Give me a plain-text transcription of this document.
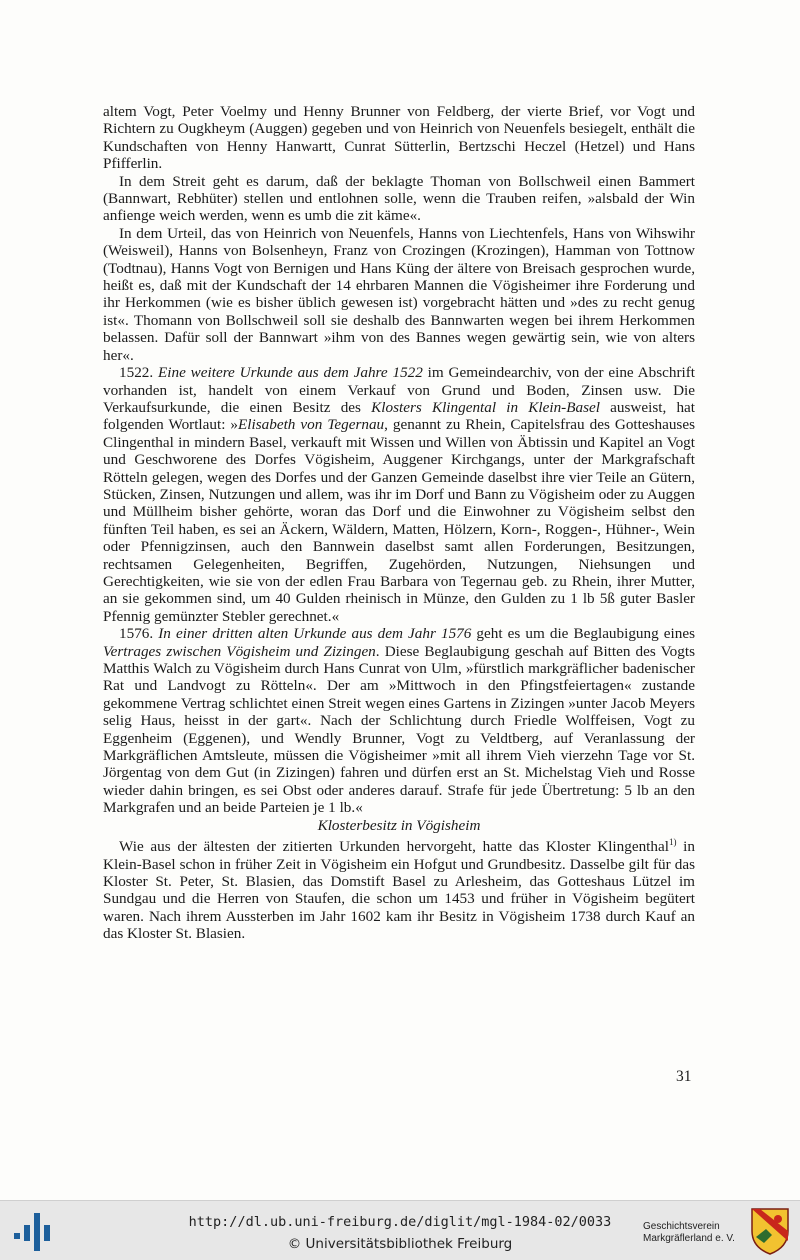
altem Vogt, Peter Voelmy und Henny Brunner von Feldberg, der vierte Brief, vor Vogt und Richtern zu Ougkheym (Auggen) gegeben und von Heinrich von Neuenfels besiegelt, enthält die Kundschaften von Henny Hanwartt, Cunrat Sütterlin, Bertzschi Heczel (Hetzel) und Hans Pfifferlin.

In dem Streit geht es darum, daß der beklagte Thoman von Bollschweil einen Bammert (Bannwart, Rebhüter) stellen und entlohnen solle, wenn die Trauben reifen, »alsbald der Win anfienge weich werden, wenn es umb die zit käme«.

In dem Urteil, das von Heinrich von Neuenfels, Hanns von Liechtenfels, Hans von Wihswihr (Weisweil), Hanns von Bolsenheyn, Franz von Crozingen (Krozingen), Hamman von Tottnow (Todtnau), Hanns Vogt von Bernigen und Hans Küng der ältere von Breisach gesprochen wurde, heißt es, daß mit der Kundschaft der 14 ehrbaren Mannen die Vögisheimer ihre Forderung und ihr Herkommen (wie es bisher üblich gewesen ist) vorgebracht hätten und »des zu recht genug ist«. Thomann von Bollschweil soll sie deshalb des Bannwarten wegen bei ihrem Herkommen belassen. Dafür soll der Bannwart »ihm von des Bannes wegen gewärtig sein, wie von alters her«.

1522. Eine weitere Urkunde aus dem Jahre 1522 im Gemeindearchiv, von der eine Abschrift vorhanden ist, handelt von einem Verkauf von Grund und Boden, Zinsen usw. Die Verkaufsurkunde, die einen Besitz des Klosters Klingental in Klein-Basel ausweist, hat folgenden Wortlaut: »Elisabeth von Tegernau, genannt zu Rhein, Capitelsfrau des Gotteshauses Clingenthal in mindern Basel, verkauft mit Wissen und Willen von Äbtissin und Kapitel an Vogt und Geschworene des Dorfes Vögisheim, Auggener Kirchgangs, unter der Markgrafschaft Rötteln gelegen, wegen des Dorfes und der Ganzen Gemeinde daselbst ihre vier Teile an Gütern, Stücken, Zinsen, Nutzungen und allem, was ihr im Dorf und Bann zu Vögisheim oder zu Auggen und Müllheim bisher gehörte, woran das Dorf und die Einwohner zu Vögisheim selbst den fünften Teil haben, es sei an Äckern, Wäldern, Matten, Hölzern, Korn-, Roggen-, Hühner-, Wein oder Pfennigzinsen, auch den Bannwein daselbst samt allen Forderungen, Besitzungen, rechtsamen Gelegenheiten, Begriffen, Zugehörden, Nutzungen, Niehsungen und Gerechtigkeiten, wie sie von der edlen Frau Barbara von Tegernau geb. zu Rhein, ihrer Mutter, an sie gekommen sind, um 40 Gulden rheinisch in Münze, den Gulden zu 1 lb 5ß guter Basler Pfennig gemünzter Stebler gerechnet.«

1576. In einer dritten alten Urkunde aus dem Jahr 1576 geht es um die Beglaubigung eines Vertrages zwischen Vögisheim und Zizingen. Diese Beglaubigung geschah auf Bitten des Vogts Matthis Walch zu Vögisheim durch Hans Cunrat von Ulm, »fürstlich markgräflicher badenischer Rat und Landvogt zu Rötteln«. Der am »Mittwoch in den Pfingstfeiertagen« zustande gekommene Vertrag schlichtet einen Streit wegen eines Gartens in Zizingen »unter Jacob Meyers selig Haus, heisst in der gart«. Nach der Schlichtung durch Friedle Wolffeisen, Vogt zu Eggenheim (Eggenen), und Wendly Brunner, Vogt zu Veldtberg, auf Veranlassung der Markgräflichen Amtsleute, müssen die Vögisheimer »mit all ihrem Vieh vierzehn Tage vor St. Jörgentag von dem Gut (in Zizingen) fahren und dürfen erst an St. Michelstag Vieh und Rosse wieder dahin bringen, es sei Obst oder anderes darauf. Strafe für jede Übertretung: 5 lb an den Markgrafen und an beide Parteien je 1 lb.«

Klosterbesitz in Vögisheim

Wie aus der ältesten der zitierten Urkunden hervorgeht, hatte das Kloster Klingenthal$^{1)}$ in Klein-Basel schon in früher Zeit in Vögisheim ein Hofgut und Grundbesitz. Dasselbe gilt für das Kloster St. Peter, St. Blasien, das Domstift Basel zu Arlesheim, das Gotteshaus Lützel im Sundgau und die Herren von Staufen, die schon um 1453 und früher in Vögisheim begütert waren. Nach ihrem Aussterben im Jahr 1602 kam ihr Besitz in Vögisheim 1738 durch Kauf an das Kloster St. Blasien.

31
http://dl.ub.uni-freiburg.de/diglit/mgl-1984-02/0033
© Universitätsbibliothek Freiburg
Geschichtsverein
Markgräflerland e. V.
